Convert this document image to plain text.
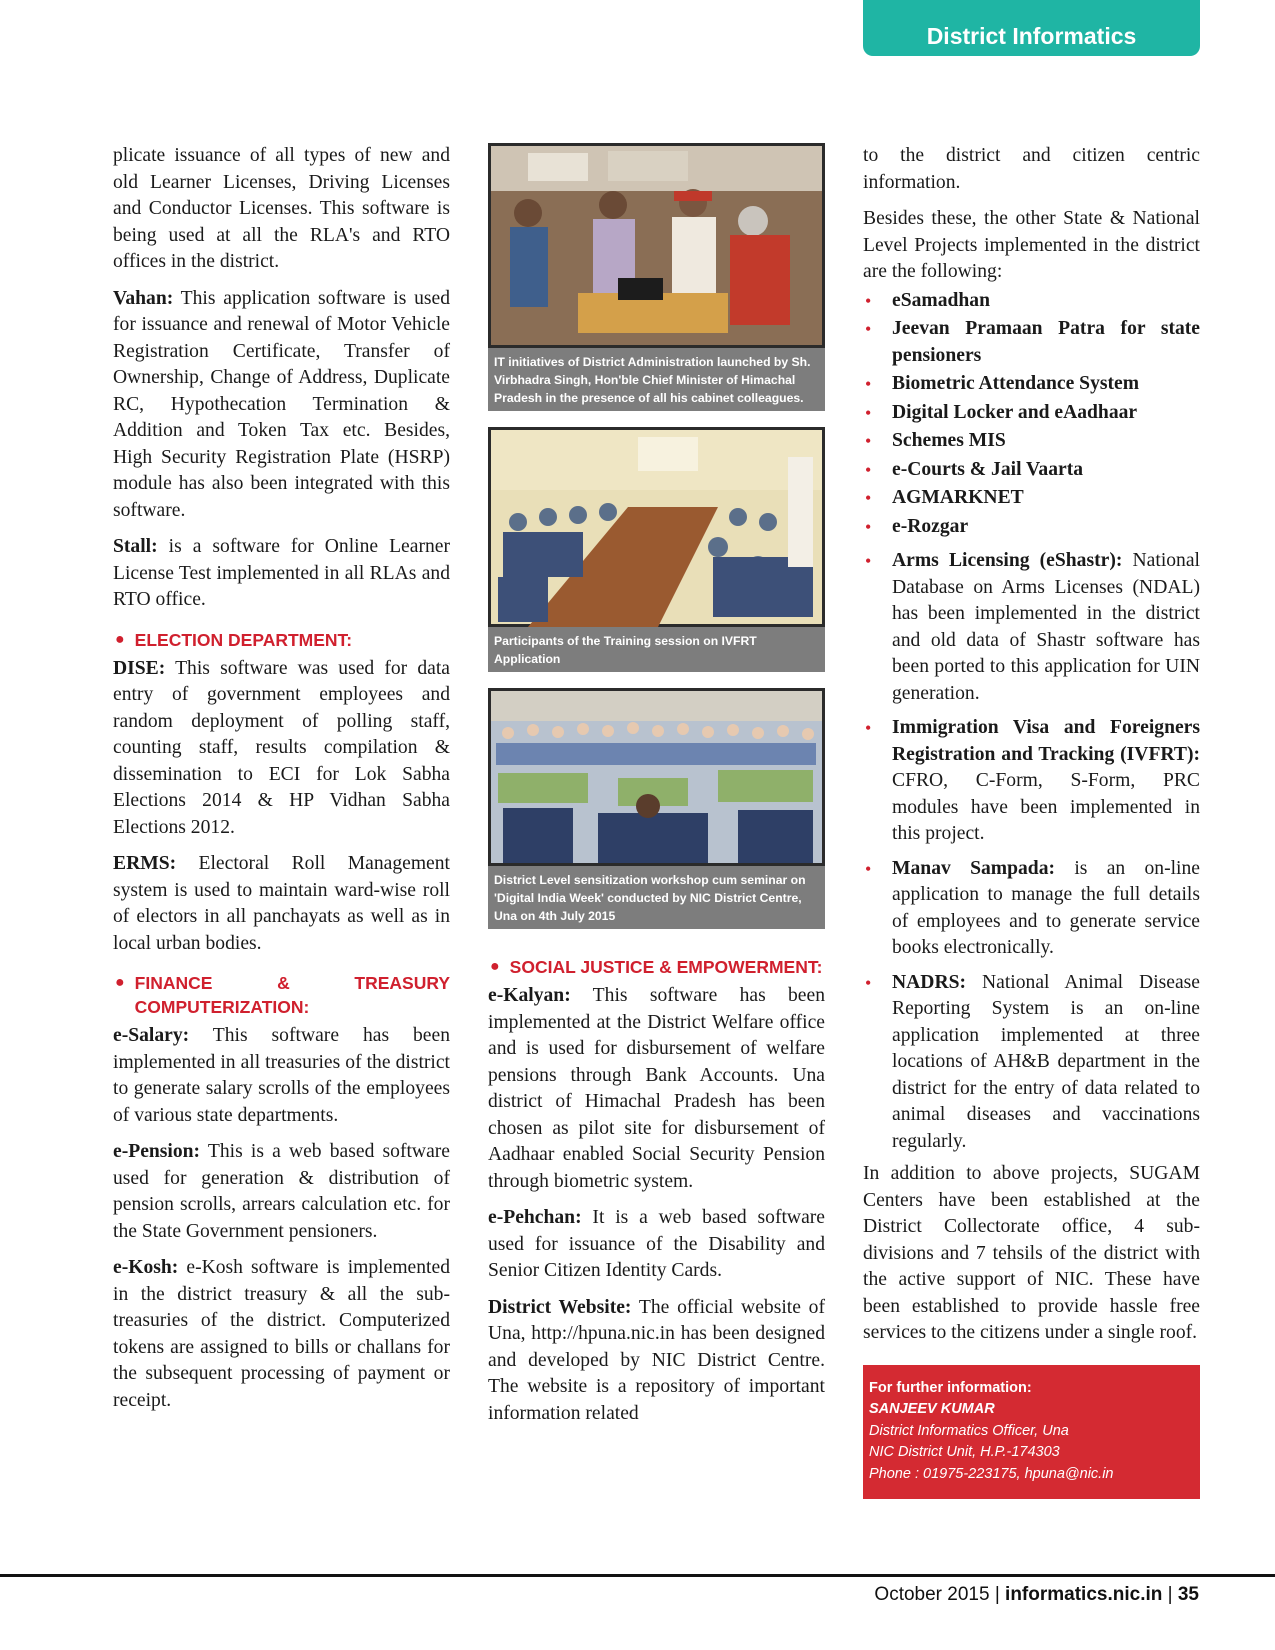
District Informatics

plicate issuance of all types of new and old Learner Licenses, Driving Licenses and Conductor Licenses. This software is being used at all the RLA's and RTO offices in the district.

Vahan: This application software is used for issuance and renewal of Motor Vehicle Registration Certificate, Transfer of Ownership, Change of Address, Duplicate RC, Hypothecation Termination & Addition and Token Tax etc. Besides, High Security Registration Plate (HSRP) module has also been integrated with this software.

Stall: is a software for Online Learner License Test implemented in all RLAs and RTO office.

● ELECTION DEPARTMENT:

DISE: This software was used for data entry of government employees and random deployment of polling staff, counting staff, results compilation & dissemination to ECI for Lok Sabha Elections 2014 & HP Vidhan Sabha Elections 2012.

ERMS: Electoral Roll Management system is used to maintain ward-wise roll of electors in all panchayats as well as in local urban bodies.

● FINANCE & TREASURY COMPUTERIZATION:

e-Salary: This software has been implemented in all treasuries of the district to generate salary scrolls of the employees of various state departments.

e-Pension: This is a web based software used for generation & distribution of pension scrolls, arrears calculation etc. for the State Government pensioners.

e-Kosh: e-Kosh software is implemented in the district treasury & all the sub-treasuries of the district. Computerized tokens are assigned to bills or challans for the subsequent processing of payment or receipt.

IT initiatives of District Administration launched by Sh. Virbhadra Singh, Hon'ble Chief Minister of Himachal Pradesh in the presence of all his cabinet colleagues.
Participants of the Training session on IVFRT Application
District Level sensitization workshop cum seminar on 'Digital India Week' conducted by NIC District Centre, Una on 4th July 2015
● SOCIAL JUSTICE & EMPOWERMENT:

e-Kalyan: This software has been implemented at the District Welfare office and is used for disbursement of welfare pensions through Bank Accounts. Una district of Himachal Pradesh has been chosen as pilot site for disbursement of Aadhaar enabled Social Security Pension through biometric system.

e-Pehchan: It is a web based software used for issuance of the Disability and Senior Citizen Identity Cards.

District Website: The official website of Una, http://hpuna.nic.in has been designed and developed by NIC District Centre. The website is a repository of important information related

to the district and citizen centric information.

Besides these, the other State & National Level Projects implemented in the district are the following:

• eSamadhan
• Jeevan Pramaan Patra for state pensioners
• Biometric Attendance System
• Digital Locker and eAadhaar
• Schemes MIS
• e-Courts & Jail Vaarta
• AGMARKNET
• e-Rozgar
• Arms Licensing (eShastr): National Database on Arms Licenses (NDAL) has been implemented in the district and old data of Shastr software has been ported to this application for UIN generation.
• Immigration Visa and Foreigners Registration and Tracking (IVFRT): CFRO, C-Form, S-Form, PRC modules have been implemented in this project.
• Manav Sampada: is an on-line application to manage the full details of employees and to generate service books electronically.
• NADRS: National Animal Disease Reporting System is an on-line application implemented at three locations of AH&B department in the district for the entry of data related to animal diseases and vaccinations regularly.

In addition to above projects, SUGAM Centers have been established at the District Collectorate office, 4 sub-divisions and 7 tehsils of the district with the active support of NIC. These have been established to provide hassle free services to the citizens under a single roof.

For further information:
SANJEEV KUMAR
District Informatics Officer, Una
NIC District Unit, H.P.-174303
Phone : 01975-223175, hpuna@nic.in
October 2015 | informatics.nic.in | 35
